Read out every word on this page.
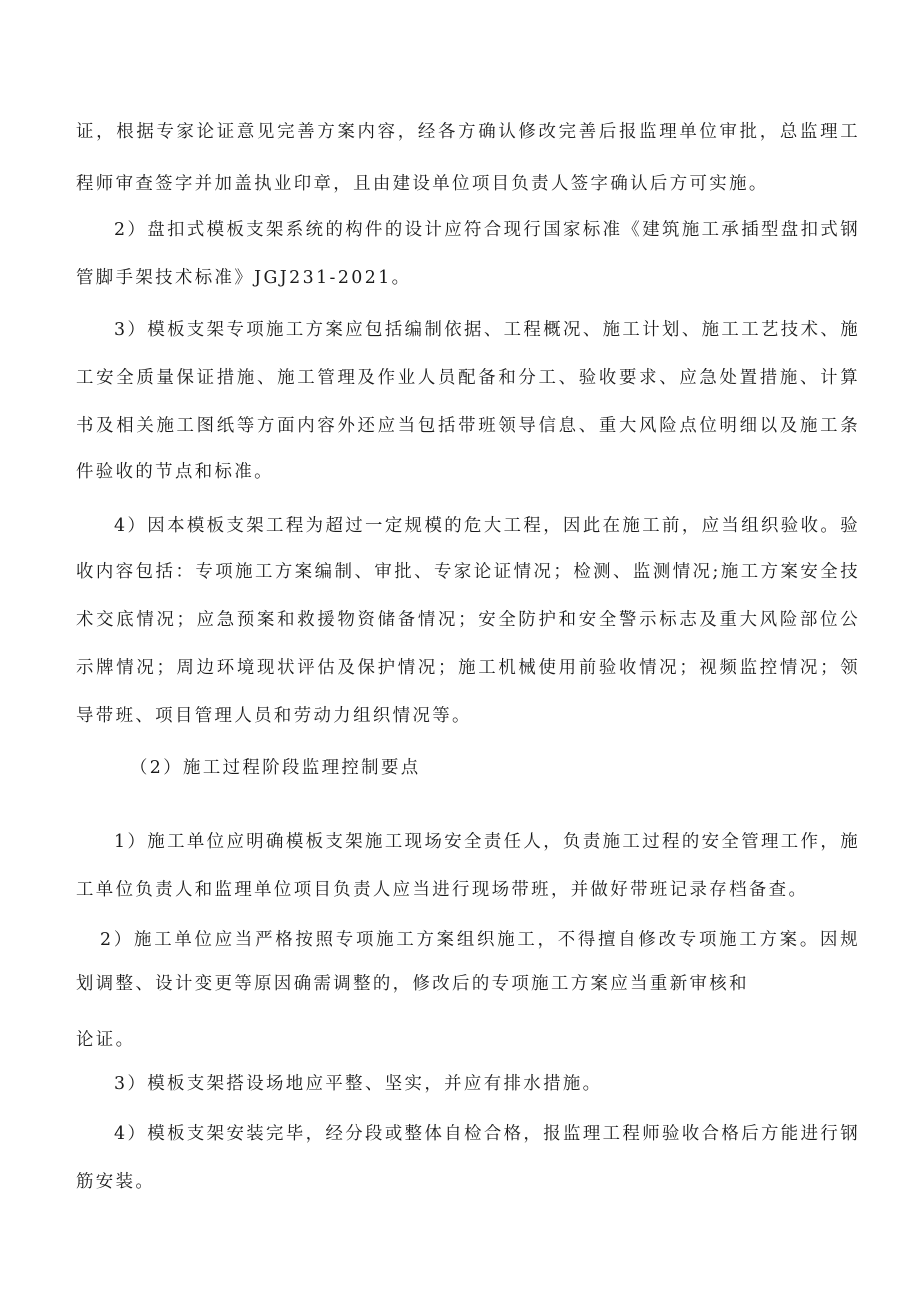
证，根据专家论证意见完善方案内容，经各方确认修改完善后报监理单位审批，总监理工
程师审查签字并加盖执业印章，且由建设单位项目负责人签字确认后方可实施。
2）盘扣式模板支架系统的构件的设计应符合现行国家标准《建筑施工承插型盘扣式钢
管脚手架技术标准》JGJ231-2021。
3）模板支架专项施工方案应包括编制依据、工程概况、施工计划、施工工艺技术、施
工安全质量保证措施、施工管理及作业人员配备和分工、验收要求、应急处置措施、计算
书及相关施工图纸等方面内容外还应当包括带班领导信息、重大风险点位明细以及施工条
件验收的节点和标准。
4）因本模板支架工程为超过一定规模的危大工程，因此在施工前，应当组织验收。验
收内容包括：专项施工方案编制、审批、专家论证情况；检测、监测情况;施工方案安全技
术交底情况；应急预案和救援物资储备情况；安全防护和安全警示标志及重大风险部位公
示牌情况；周边环境现状评估及保护情况；施工机械使用前验收情况；视频监控情况；领
导带班、项目管理人员和劳动力组织情况等。
（2）施工过程阶段监理控制要点
1）施工单位应明确模板支架施工现场安全责任人，负责施工过程的安全管理工作，施
工单位负责人和监理单位项目负责人应当进行现场带班，并做好带班记录存档备查。
2）施工单位应当严格按照专项施工方案组织施工，不得擅自修改专项施工方案。因规
划调整、设计变更等原因确需调整的，修改后的专项施工方案应当重新审核和
论证。
3）模板支架搭设场地应平整、坚实，并应有排水措施。
4）模板支架安装完毕，经分段或整体自检合格，报监理工程师验收合格后方能进行钢
筋安装。
